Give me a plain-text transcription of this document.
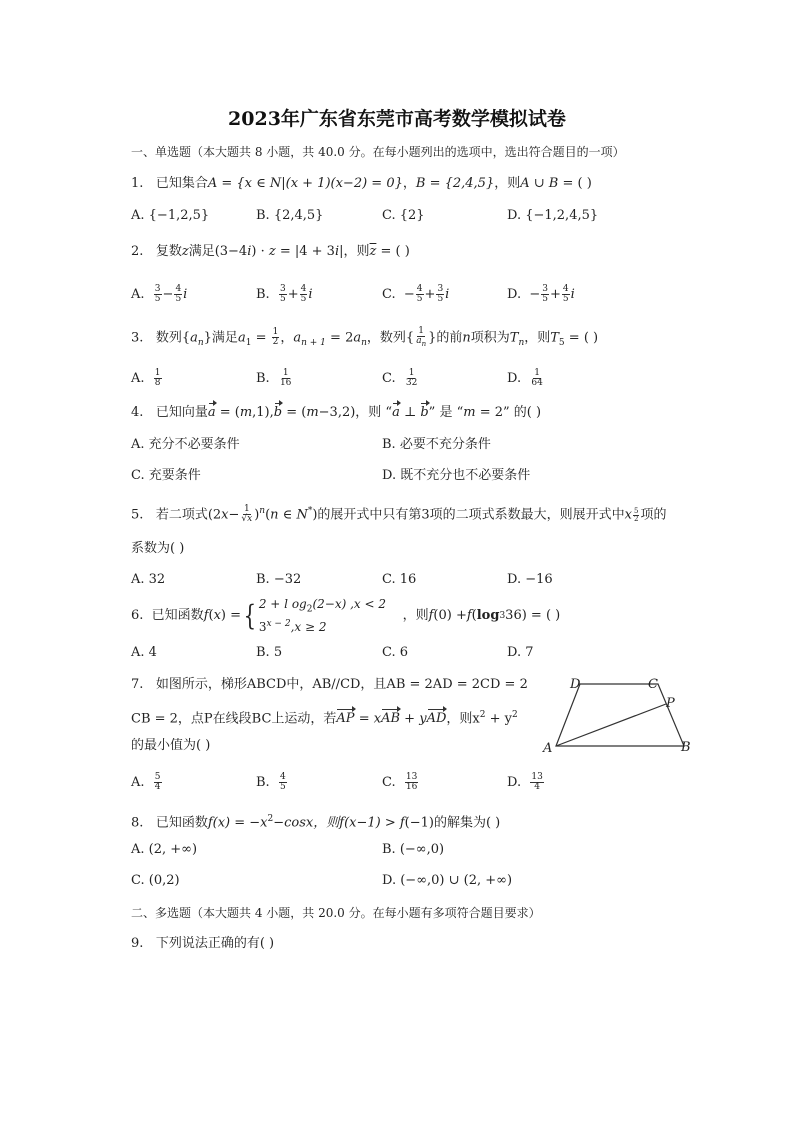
2023年广东省东莞市高考数学模拟试卷
一、单选题（本大题共 8 小题，共 40.0 分。在每小题列出的选项中，选出符合题目的一项）
1. 已知集合A = {x ∈ N|(x + 1)(x−2) = 0}，B = {2,4,5}，则A ∪ B = ( )
A. {−1,2,5}	B. {2,4,5}	C. {2}	D. {−1,2,4,5}
2. 复数z满足(3−4i) · z = |4 + 3i|，则$\overline{z}$ = ( )
A. $\frac{3}{5} - \frac{4}{5}$ i	B. $\frac{3}{5} + \frac{4}{5}$ i	C. − $\frac{4}{5} + \frac{3}{5}$ i	D. − $\frac{3}{5} + \frac{4}{5}$ i
3. 数列$\{a_n\}$满足$a_1 = \frac{1}{2}$ ，$a_{n + 1} = 2a_n$，数列{ $\frac{1}{a_n}$ }的前n项积为$T_n$，则$T_5$ = ( )
A. $\frac{1}{8}$	B. $\frac{1}{16}$	C. $\frac{1}{32}$	D. $\frac{1}{64}$
4. 已知向量a = (m,1),b = (m−3,2)，则 “a ⊥ b” 是 “m = 2” 的( )
A. 充分不必要条件	B. 必要不充分条件
C. 充要条件	D. 既不充分也不必要条件
5. 若二项式$(2x- \frac{1}{√x} )^n(n$ ∈ N*)的展开式中只有第3项的二项式系数最大，则展开式中x $\frac{5}{2}$ 项的
系数为( )
A. 32	B. −32	C. 16	D. −16
6.
已知函数 f ( x ) = { 2 + l $og_2(2-x) ,x < 2$
$3^{x - 2},x \ge 2$

，则 f (0) + f ( log 3 36) = ( )
A. 4	B. 5	C. 6	D. 7
7. 如图所示，梯形ABCD中，AB//CD，且AB = 2AD = 2CD = 2
CB = 2，点P在线段BC上运动，若AP = xAB + yAD，则$x^2 + y^2$
的最小值为( )	A	B
C
D
P
A. $\frac{5}{4}$	B. $\frac{4}{5}$	C. $\frac{13}{16}$	D. $\frac{13}{4}$
8. 已知函数$f(x) = -x^2-\cos x$，则f(x−1) > f(−1)的解集为( )
A. (2, +∞)	B. (−∞,0)
C. (0,2)	D. (−∞,0) ∪ (2, +∞)
二、多选题（本大题共 4 小题，共 20.0 分。在每小题有多项符合题目要求）
9. 下列说法正确的有( )
